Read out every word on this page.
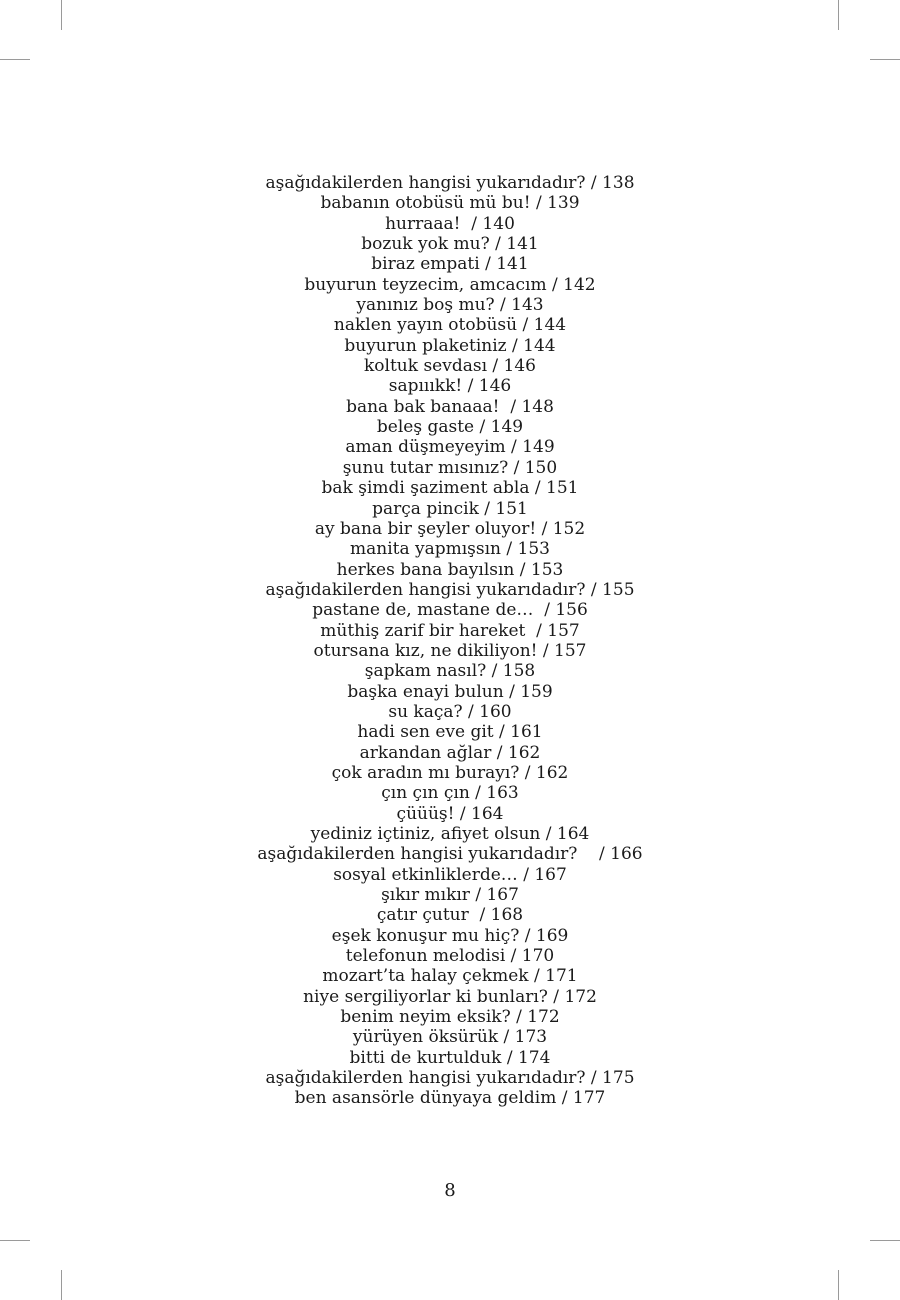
aşağıdakilerden hangisi yukarıdadır? / 138
babanın otobüsü mü bu! / 139
hurraaa!  / 140
bozuk yok mu? / 141
biraz empati / 141
buyurun teyzecim, amcacım / 142
yanınız boş mu? / 143
naklen yayın otobüsü / 144
buyurun plaketiniz / 144
koltuk sevdası / 146
sapıııkk! / 146
bana bak banaaa!  / 148
beleş gaste / 149
aman düşmeyeyim / 149
şunu tutar mısınız? / 150
bak şimdi şaziment abla / 151
parça pincik / 151
ay bana bir şeyler oluyor! / 152
manita yapmışsın / 153
herkes bana bayılsın / 153
aşağıdakilerden hangisi yukarıdadır? / 155
pastane de, mastane de…  / 156
müthiş zarif bir hareket  / 157
otursana kız, ne dikiliyon! / 157
şapkam nasıl? / 158
başka enayi bulun / 159
su kaça? / 160
hadi sen eve git / 161
arkandan ağlar / 162
çok aradın mı burayı? / 162
çın çın çın / 163
çüüüş! / 164
yediniz içtiniz, afiyet olsun / 164
aşağıdakilerden hangisi yukarıdadır?    / 166
sosyal etkinliklerde… / 167
şıkır mıkır / 167
çatır çutur  / 168
eşek konuşur mu hiç? / 169
telefonun melodisi / 170
mozart’ta halay çekmek / 171
niye sergiliyorlar ki bunları? / 172
benim neyim eksik? / 172
yürüyen öksürük / 173
bitti de kurtulduk / 174
aşağıdakilerden hangisi yukarıdadır? / 175
ben asansörle dünyaya geldim / 177
8
